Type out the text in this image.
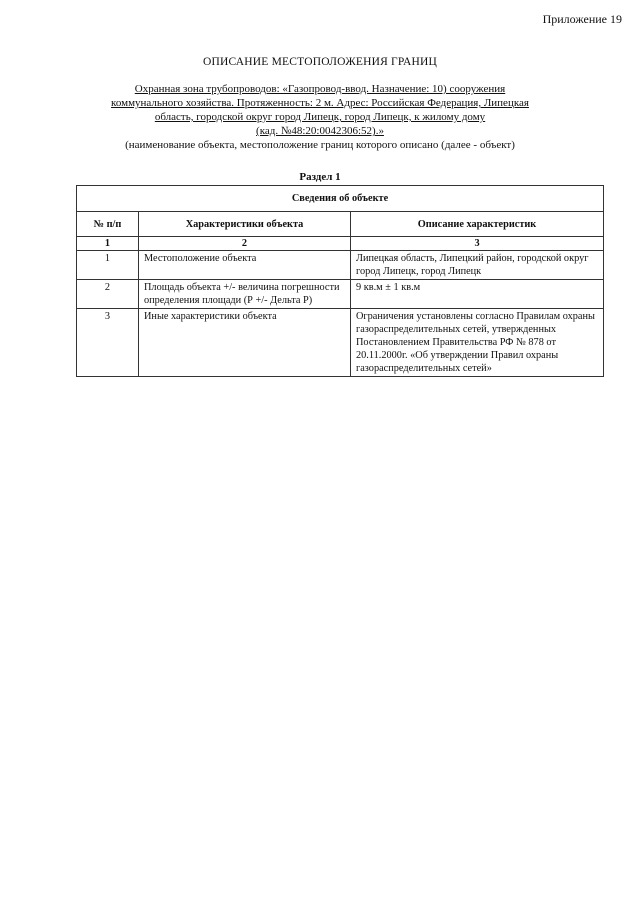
Приложение 19
ОПИСАНИЕ МЕСТОПОЛОЖЕНИЯ ГРАНИЦ
Охранная зона трубопроводов: «Газопровод-ввод. Назначение: 10) сооружения
коммунального хозяйства. Протяженность: 2 м. Адрес: Российская Федерация, Липецкая
область, городской округ город Липецк, город Липецк, к жилому дому
(кад. №48:20:0042306:52).»
(наименование объекта, местоположение границ которого описано (далее - объект)
Раздел 1
Сведения об объекте		
№ п/п	Характеристики объекта	Описание характеристик
1	2	3
1	Местоположение объекта	Липецкая область, Липецкий район, городской округ город Липецк, город Липецк
2	Площадь объекта +/- величина погрешности определения площади (Р +/- Дельта Р)	9 кв.м ± 1 кв.м
3	Иные характеристики объекта	Ограничения установлены согласно Правилам охраны газораспределительных сетей, утвержденных Постановлением Правительства РФ № 878 от 20.11.2000г. «Об утверждении Правил охраны газораспределительных сетей»
